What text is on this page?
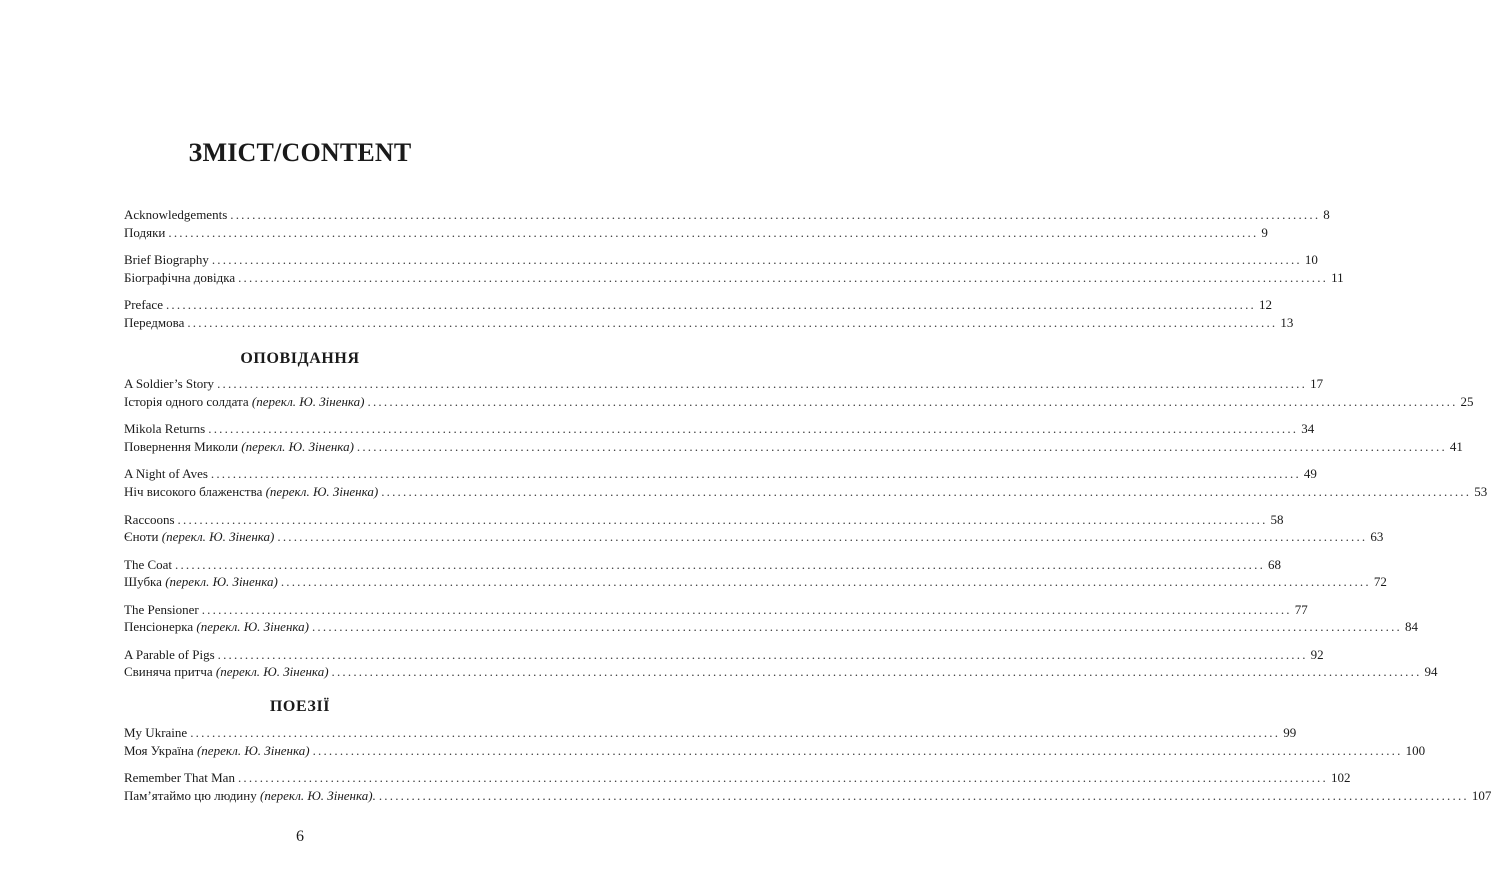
ЗМІСТ/CONTENT
ОПОВІДАННЯ
ПОЕЗІЇ
Acknowledgements ........................................................................................................................................................................................................ 8
Подяки ........................................................................................................................................................................................................ 9
Brief Biography ........................................................................................................................................................................................................ 10
Біографічна довідка ........................................................................................................................................................................................................ 11
Preface ........................................................................................................................................................................................................ 12
Передмова ........................................................................................................................................................................................................ 13
A Soldier’s Story ........................................................................................................................................................................................................ 17
Історія одного солдата
(перекл. Ю. Зіненка) ........................................................................................................................................................................................................ 25
Mikola Returns ........................................................................................................................................................................................................ 34
Повернення Миколи
(перекл. Ю. Зіненка) ........................................................................................................................................................................................................ 41
A Night of Aves ........................................................................................................................................................................................................ 49
Ніч високого блаженства
(перекл. Ю. Зіненка) ........................................................................................................................................................................................................ 53
Raccoons ........................................................................................................................................................................................................ 58
Єноти
(перекл. Ю. Зіненка) ........................................................................................................................................................................................................ 63
The Coat ........................................................................................................................................................................................................ 68
Шубка
(перекл. Ю. Зіненка) ........................................................................................................................................................................................................ 72
The Pensioner ........................................................................................................................................................................................................ 77
Пенсіонерка
(перекл. Ю. Зіненка) ........................................................................................................................................................................................................ 84
A Parable of Pigs ........................................................................................................................................................................................................ 92
Свиняча притча
(перекл. Ю. Зіненка) ........................................................................................................................................................................................................ 94
My Ukraine ........................................................................................................................................................................................................ 99
Моя Україна
(перекл. Ю. Зіненка) ........................................................................................................................................................................................................ 100
Remember That Man ........................................................................................................................................................................................................ 102
Пам’ятаймо цю людину
(перекл. Ю. Зіненка). ........................................................................................................................................................................................................ 107
6
